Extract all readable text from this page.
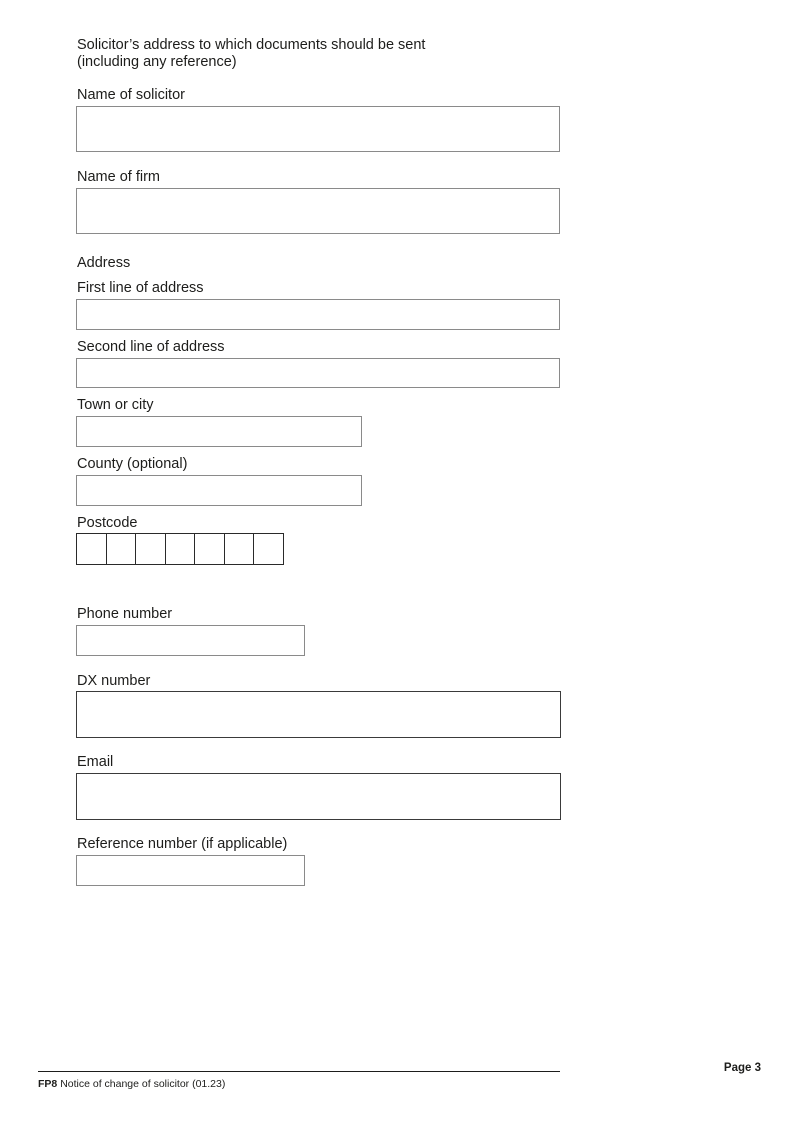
Solicitor’s address to which documents should be sent
(including any reference)
Name of solicitor
Name of firm
Address
First line of address
Second line of address
Town or city
County (optional)
Postcode
Phone number
DX number
Email
Reference number (if applicable)
FP8 Notice of change of solicitor (01.23)
Page 3
